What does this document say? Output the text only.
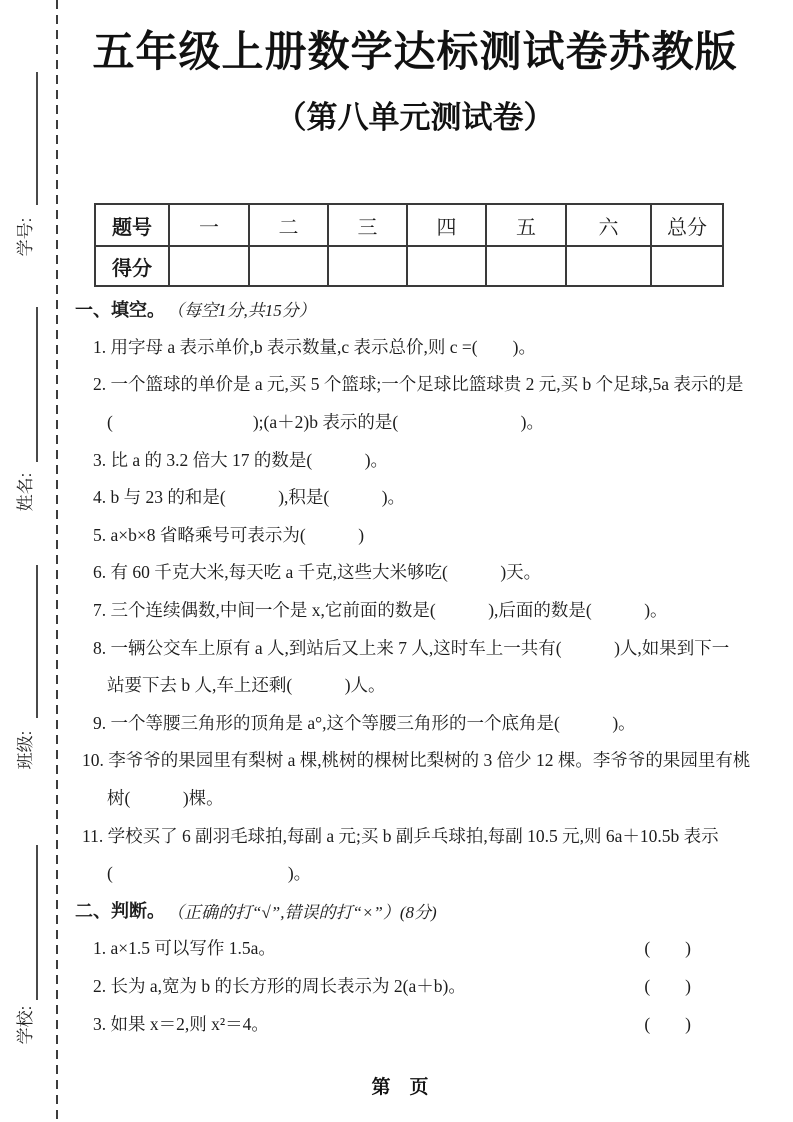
学号:
姓名:
班级:
学校:
五年级上册数学达标测试卷苏教版
（第八单元测试卷）
题号	一	二	三	四	五	六	总分
得分							
一、填空。 （每空1分,共15分）
1. 用字母 a 表示单价,b 表示数量,c 表示总价,则 c =(　　)。
2. 一个篮球的单价是 a 元,买 5 个篮球;一个足球比篮球贵 2 元,买 b 个足球,5a 表示的是
(　　　　　　　　);(a＋2)b 表示的是(　　　　　　　)。
3. 比 a 的 3.2 倍大 17 的数是(　　　)。
4. b 与 23 的和是(　　　),积是(　　　)。
5. a×b×8 省略乘号可表示为(　　　)
6. 有 60 千克大米,每天吃 a 千克,这些大米够吃(　　　)天。
7. 三个连续偶数,中间一个是 x,它前面的数是(　　　),后面的数是(　　　)。
8. 一辆公交车上原有 a 人,到站后又上来 7 人,这时车上一共有(　　　)人,如果到下一
站要下去 b 人,车上还剩(　　　)人。
9. 一个等腰三角形的顶角是 a°,这个等腰三角形的一个底角是(　　　)。
10. 李爷爷的果园里有梨树 a 棵,桃树的棵树比梨树的 3 倍少 12 棵。李爷爷的果园里有桃
树(　　　)棵。
11. 学校买了 6 副羽毛球拍,每副 a 元;买 b 副乒乓球拍,每副 10.5 元,则 6a＋10.5b 表示
(　　　　　　　　　　)。
二、判断。 （正确的打“√”,错误的打“×”）(8分)
1. a×1.5 可以写作 1.5a。	(　　)
2. 长为 a,宽为 b 的长方形的周长表示为 2(a＋b)。	(　　)
3. 如果 x＝2,则 x²＝4。	(　　)
第　页
